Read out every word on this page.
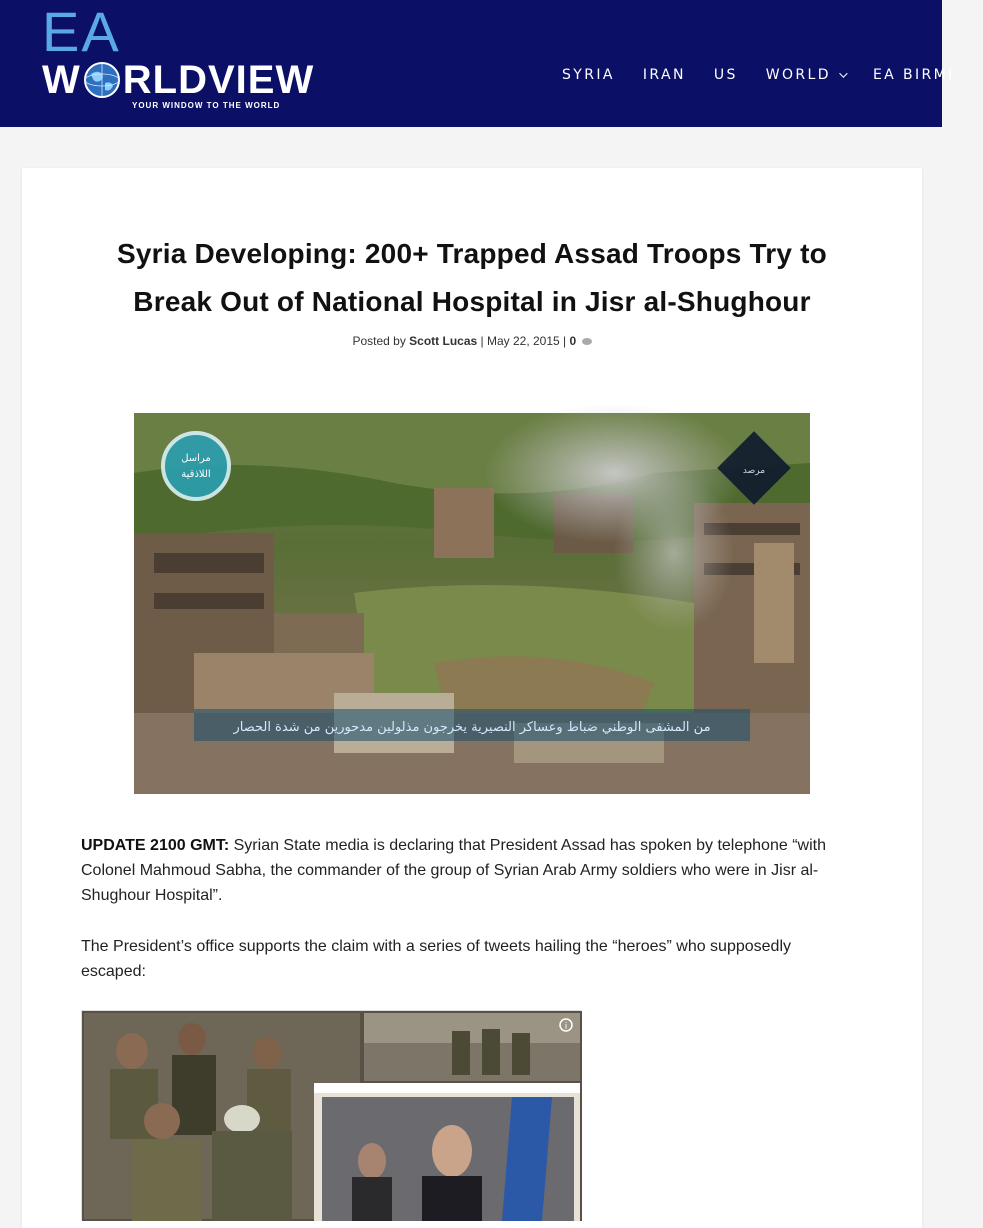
EA
W RLDVIEW
YOUR WINDOW TO THE WORLD
SYRIA IRAN US WORLD	EA BIRMI
Syria Developing: 200+ Trapped Assad Troops Try to Break Out of National Hospital in Jisr al-Shughour
Posted by Scott Lucas | May 22, 2015 | 0
مراسل
اللاذقية	مرصد
من المشفى الوطني ضباط وعساكر النصيرية يخرجون مذلولين مدحورين من شدة الحصار

UPDATE 2100 GMT: Syrian State media is declaring that President Assad has spoken by telephone “with Colonel Mahmoud Sabha, the commander of the group of Syrian Arab Army soldiers who were in Jisr al-Shughour Hospital”.

The President’s office supports the claim with a series of tweets hailing the “heroes” who supposedly escaped:

i
